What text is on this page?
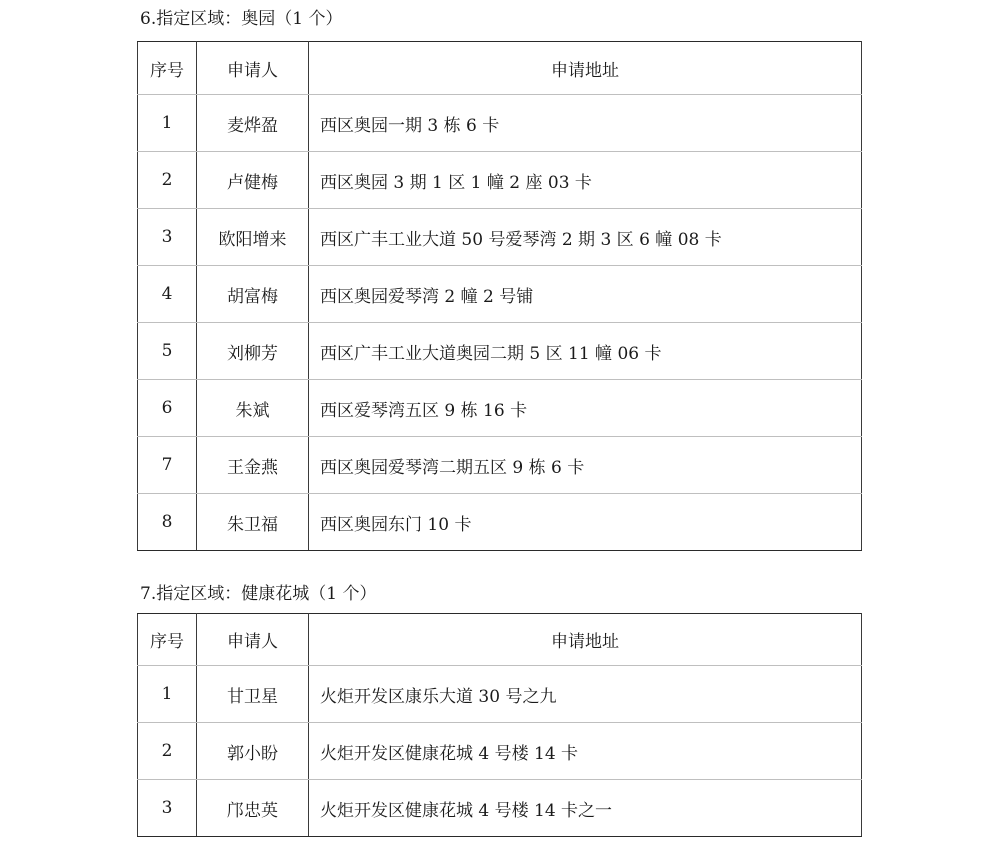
6.指定区域：奥园（1 个）
序号	申请人	申请地址
1	麦烨盈	西区奥园一期 3 栋 6 卡
2	卢健梅	西区奥园 3 期 1 区 1 幢 2 座 03 卡
3	欧阳增来	西区广丰工业大道 50 号爱琴湾 2 期 3 区 6 幢 08 卡
4	胡富梅	西区奥园爱琴湾 2 幢 2 号铺
5	刘柳芳	西区广丰工业大道奥园二期 5 区 11 幢 06 卡
6	朱斌	西区爱琴湾五区 9 栋 16 卡
7	王金燕	西区奥园爱琴湾二期五区 9 栋 6 卡
8	朱卫福	西区奥园东门 10 卡
7.指定区域：健康花城（1 个）
序号	申请人	申请地址
1	甘卫星	火炬开发区康乐大道 30 号之九
2	郭小盼	火炬开发区健康花城 4 号楼 14 卡
3	邝忠英	火炬开发区健康花城 4 号楼 14 卡之一
